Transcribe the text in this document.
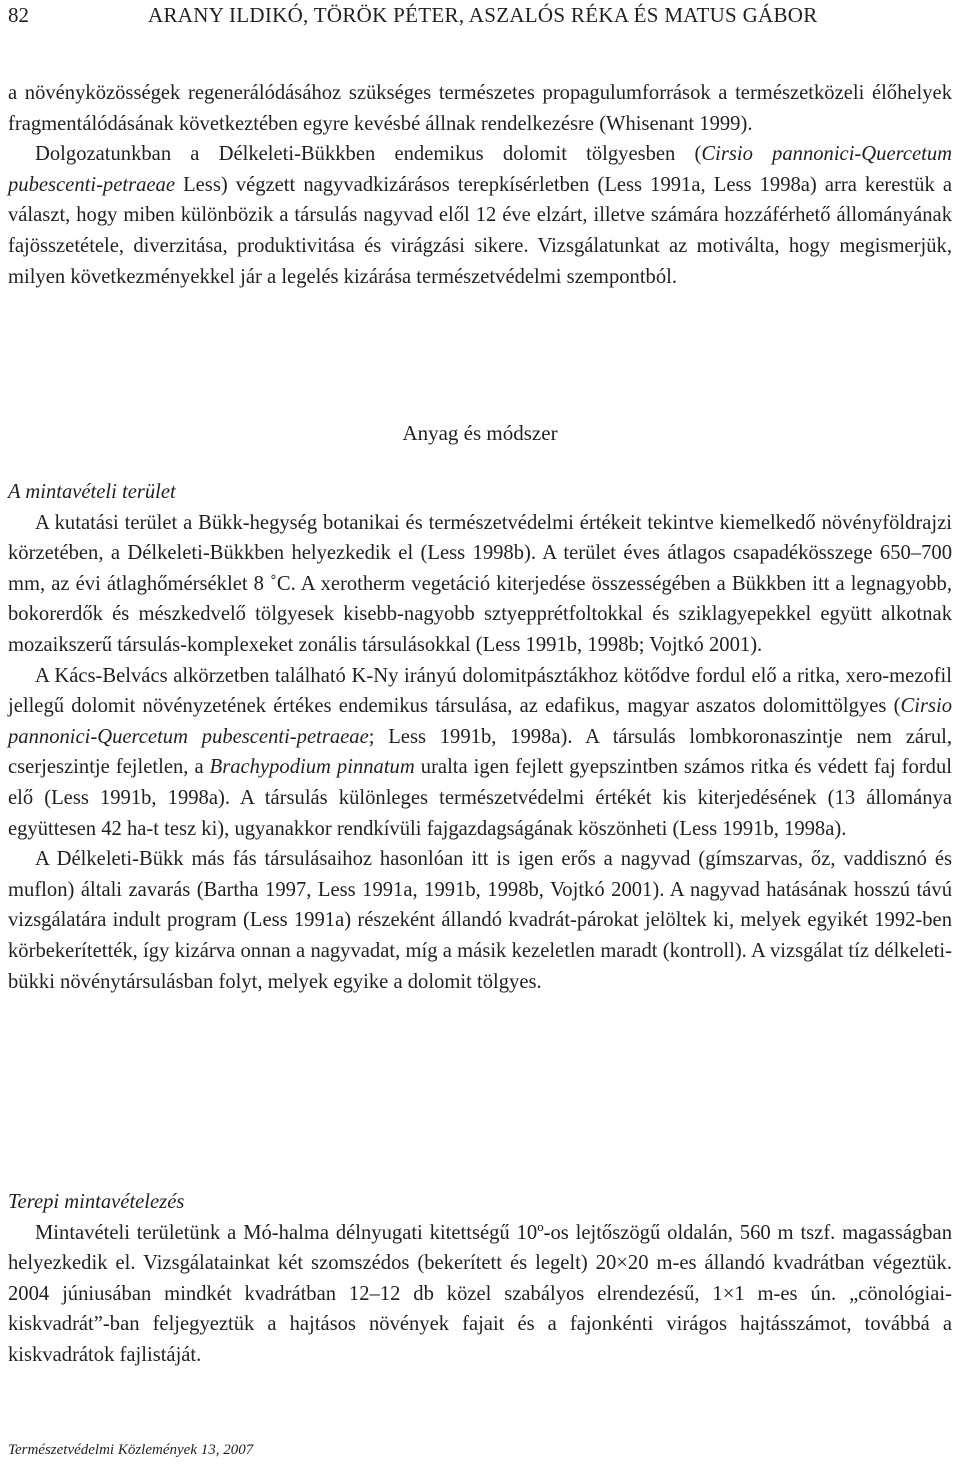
82	ARANY ILDIKÓ, TÖRÖK PÉTER, ASZALÓS RÉKA ÉS MATUS GÁBOR

a növényközösségek regenerálódásához szükséges természetes propagulumforrások a természetközeli élőhelyek fragmentálódásának következtében egyre kevésbé állnak rendelkezésre (Whisenant 1999).

Dolgozatunkban a Délkeleti-Bükkben endemikus dolomit tölgyesben (Cirsio pannonici-Quercetum pubescenti-petraeae Less) végzett nagyvadkizárásos terepkísérletben (Less 1991a, Less 1998a) arra kerestük a választ, hogy miben különbözik a társulás nagyvad elől 12 éve elzárt, illetve számára hozzáférhető állományának fajösszetétele, diverzitása, produktivitása és virágzási sikere. Vizsgálatunkat az motiválta, hogy megismerjük, milyen következményekkel jár a legelés kizárása természetvédelmi szempontból.

Anyag és módszer

A mintavételi terület

A kutatási terület a Bükk-hegység botanikai és természetvédelmi értékeit tekintve kiemelkedő növényföldrajzi körzetében, a Délkeleti-Bükkben helyezkedik el (Less 1998b). A terület éves átlagos csapadékösszege 650–700 mm, az évi átlaghőmérséklet 8 ˚C. A xerotherm vegetáció kiterjedése összességében a Bükkben itt a legnagyobb, bokorerdők és mészkedvelő tölgyesek kisebb-nagyobb sztyepprétfoltokkal és sziklagyepekkel együtt alkotnak mozaikszerű társulás-komplexeket zonális társulásokkal (Less 1991b, 1998b; Vojtkó 2001).

A Kács-Belvács alkörzetben található K-Ny irányú dolomitpásztákhoz kötődve fordul elő a ritka, xero-mezofil jellegű dolomit növényzetének értékes endemikus társulása, az edafikus, magyar aszatos dolomittölgyes (Cirsio pannonici-Quercetum pubescenti-petraeae; Less 1991b, 1998a). A társulás lombkoronaszintje nem zárul, cserjeszintje fejletlen, a Brachypodium pinnatum uralta igen fejlett gyepszintben számos ritka és védett faj fordul elő (Less 1991b, 1998a). A társulás különleges természetvédelmi értékét kis kiterjedésének (13 állománya együttesen 42 ha-t tesz ki), ugyanakkor rendkívüli fajgazdagságának köszönheti (Less 1991b, 1998a).

A Délkeleti-Bükk más fás társulásaihoz hasonlóan itt is igen erős a nagyvad (gímszarvas, őz, vaddisznó és muflon) általi zavarás (Bartha 1997, Less 1991a, 1991b, 1998b, Vojtkó 2001). A nagyvad hatásának hosszú távú vizsgálatára indult program (Less 1991a) részeként állandó kvadrát-párokat jelöltek ki, melyek egyikét 1992-ben körbekerítették, így kizárva onnan a nagyvadat, míg a másik kezeletlen maradt (kontroll). A vizsgálat tíz délkeleti-bükki növénytársulásban folyt, melyek egyike a dolomit tölgyes.

Terepi mintavételezés

Mintavételi területünk a Mó-halma délnyugati kitettségű 10º-os lejtőszögű oldalán, 560 m tszf. magasságban helyezkedik el. Vizsgálatainkat két szomszédos (bekerített és legelt) 20×20 m-es állandó kvadrátban végeztük. 2004 júniusában mindkét kvadrátban 12–12 db közel szabályos elrendezésű, 1×1 m-es ún. „cönológiai-kiskvadrát”-ban feljegyeztük a hajtásos növények fajait és a fajonkénti virágos hajtásszámot, továbbá a kiskvadrátok fajlistáját.

Természetvédelmi Közlemények 13, 2007
